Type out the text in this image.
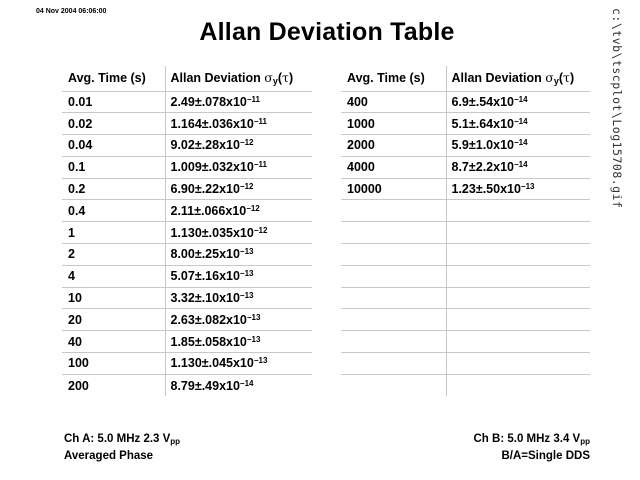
04 Nov 2004 06:06:00
Allan Deviation Table	c:\tvb\tscplot\Log15708.gif
Avg. Time (s)	Allan Deviation $\sigma_y(\tau)$
0.01	$2.49\pm.078x10^{-11}$
0.02	$1.164\pm.036x10^{-11}$
0.04	$9.02\pm.28x10^{-12}$
0.1	$1.009\pm.032x10^{-11}$
0.2	$6.90\pm.22x10^{-12}$
0.4	$2.11\pm.066x10^{-12}$
1	$1.130\pm.035x10^{-12}$
2	$8.00\pm.25x10^{-13}$
4	$5.07\pm.16x10^{-13}$
10	$3.32\pm.10x10^{-13}$
20	$2.63\pm.082x10^{-13}$
40	$1.85\pm.058x10^{-13}$
100	$1.130\pm.045x10^{-13}$
200	$8.79\pm.49x10^{-14}$
Avg. Time (s)	Allan Deviation $\sigma_y(\tau)$
400	$6.9\pm.54x10^{-14}$
1000	$5.1\pm.64x10^{-14}$
2000	$5.9\pm 1.0x10^{-14}$
4000	$8.7\pm 2.2x10^{-14}$
10000	$1.23\pm.50x10^{-13}$

Ch A: 5.0 MHz 2.3 $V_{pp}$
Averaged Phase
Ch B: 5.0 MHz 3.4 $V_{pp}$
B/A=Single DDS
